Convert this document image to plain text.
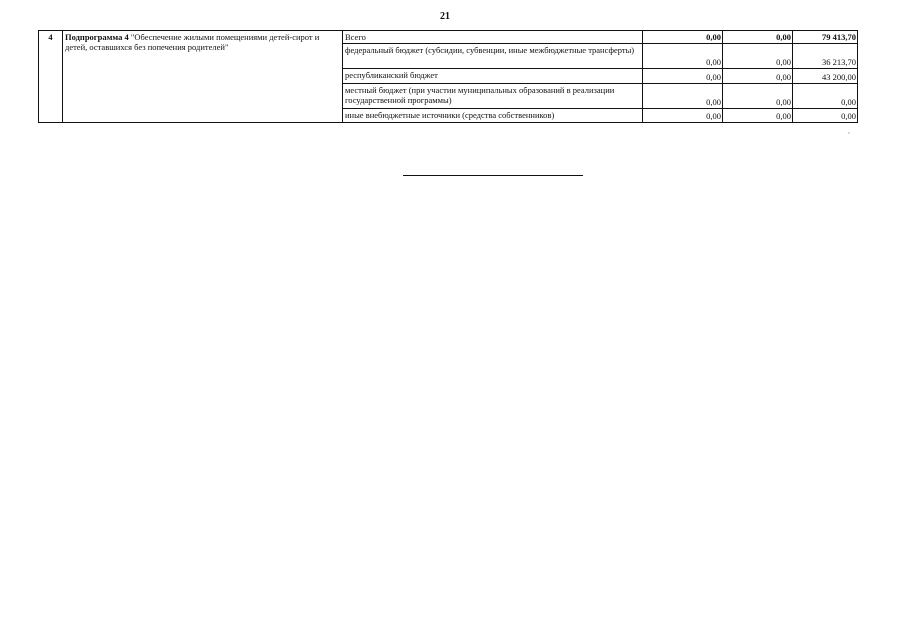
21
4	Подпрограмма 4 "Обеспечение жилыми помещениями детей-сирот и детей, оставшихся без попечения родителей"	Всего	0,00	0,00	79 413,70
		федеральный бюджет (субсидии, субвенции, иные межбюджетные трансферты)	0,00	0,00	36 213,70
		республиканский бюджет	0,00	0,00	43 200,00
		местный бюджет (при участии муниципальных образований в реализации государственной программы)	0,00	0,00	0,00
		иные внебюджетные источники (средства собственников)	0,00	0,00	0,00
"
